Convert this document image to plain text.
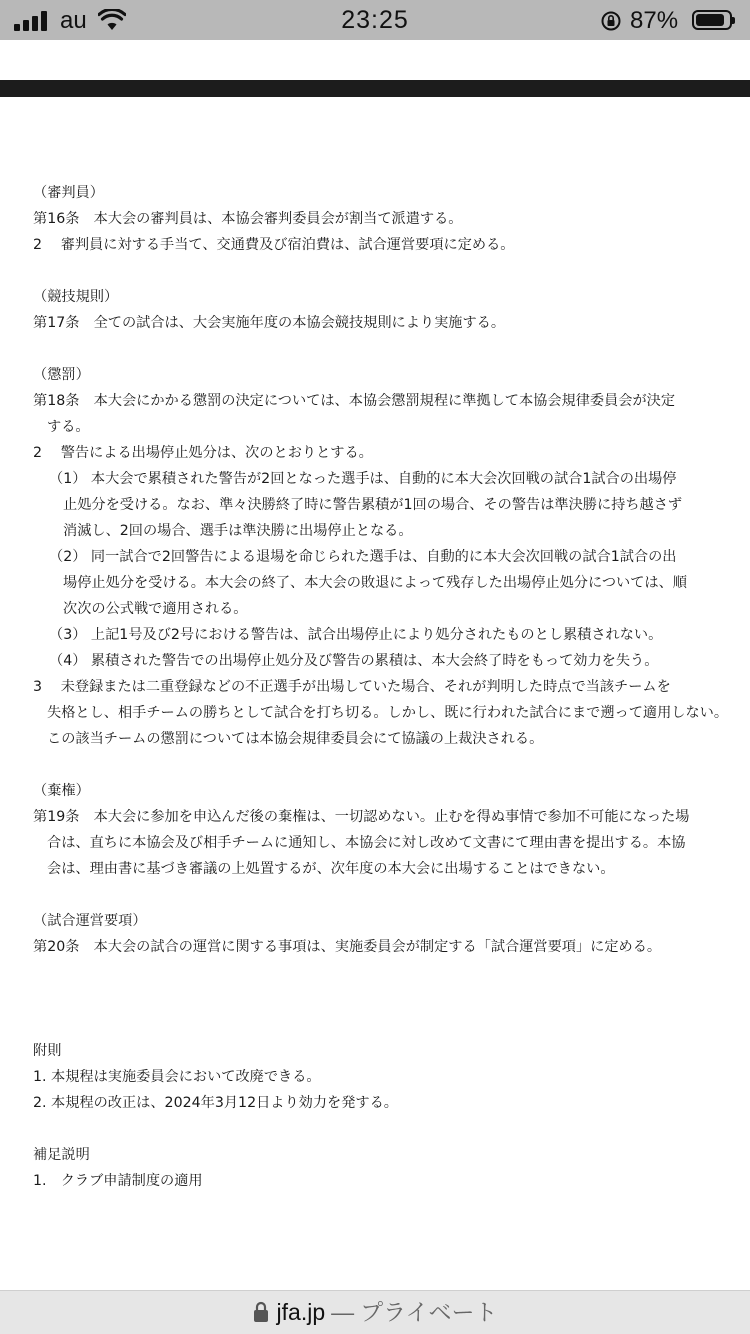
au	23:25	87%
（審判員）
第16条　本大会の審判員は、本協会審判委員会が割当て派遣する。
2　 審判員に対する手当て、交通費及び宿泊費は、試合運営要項に定める。
（競技規則）
第17条　全ての試合は、大会実施年度の本協会競技規則により実施する。
（懲罰）
第18条　本大会にかかる懲罰の決定については、本協会懲罰規程に準拠して本協会規律委員会が決定
する。
2　 警告による出場停止処分は、次のとおりとする。
（1） 本大会で累積された警告が2回となった選手は、自動的に本大会次回戦の試合1試合の出場停
止処分を受ける。なお、準々決勝終了時に警告累積が1回の場合、その警告は準決勝に持ち越さず
消滅し、2回の場合、選手は準決勝に出場停止となる。
（2） 同一試合で2回警告による退場を命じられた選手は、自動的に本大会次回戦の試合1試合の出
場停止処分を受ける。本大会の終了、本大会の敗退によって残存した出場停止処分については、順
次次の公式戦で適用される。
（3） 上記1号及び2号における警告は、試合出場停止により処分されたものとし累積されない。
（4） 累積された警告での出場停止処分及び警告の累積は、本大会終了時をもって効力を失う。
3　 未登録または二重登録などの不正選手が出場していた場合、それが判明した時点で当該チームを
失格とし、相手チームの勝ちとして試合を打ち切る。しかし、既に行われた試合にまで遡って適用しない。
この該当チームの懲罰については本協会規律委員会にて協議の上裁決される。
（棄権）
第19条　本大会に参加を申込んだ後の棄権は、一切認めない。止むを得ぬ事情で参加不可能になった場
合は、直ちに本協会及び相手チームに通知し、本協会に対し改めて文書にて理由書を提出する。本協
会は、理由書に基づき審議の上処置するが、次年度の本大会に出場することはできない。
（試合運営要項）
第20条　本大会の試合の運営に関する事項は、実施委員会が制定する「試合運営要項」に定める。
附則
1. 本規程は実施委員会において改廃できる。
2. 本規程の改正は、2024年3月12日より効力を発する。
補足説明
1.　クラブ申請制度の適用
jfa.jp — プライベート
